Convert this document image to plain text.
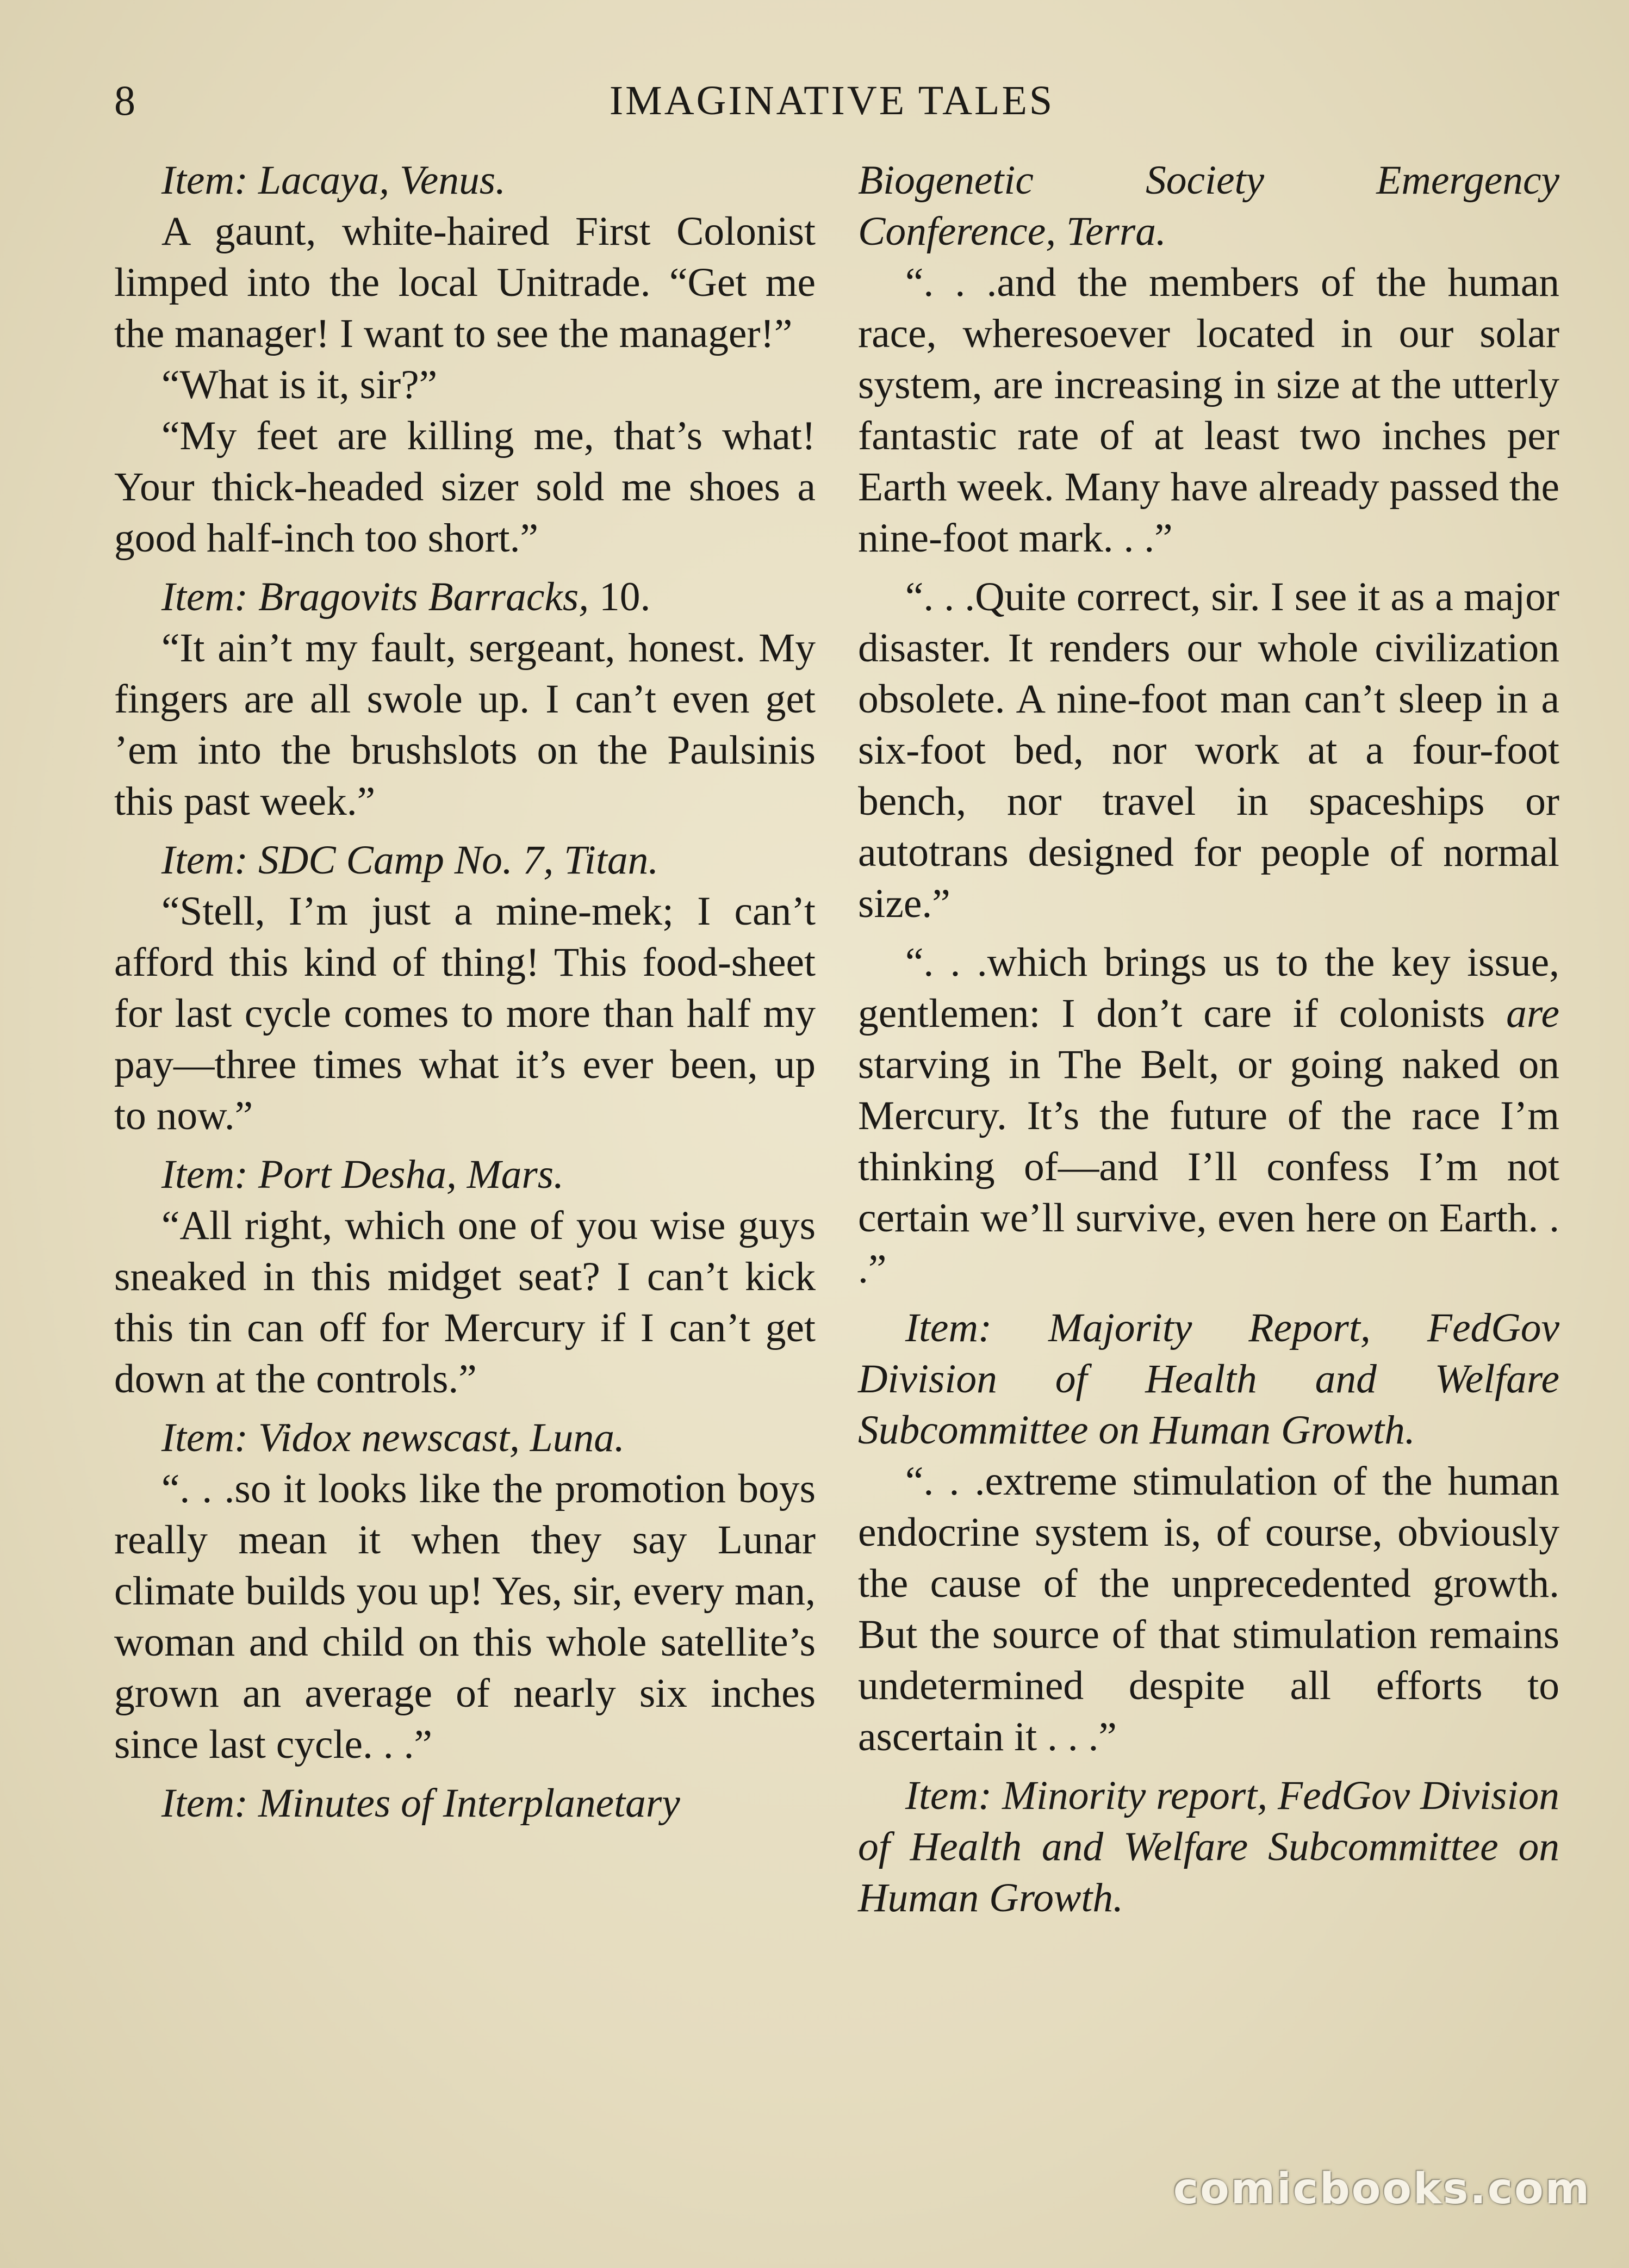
8	IMAGINATIVE TALES

Item: Lacaya, Venus.

A gaunt, white-haired First Colonist limped into the local Unitrade. “Get me the manager! I want to see the manager!”

“What is it, sir?”

“My feet are killing me, that’s what! Your thick-headed sizer sold me shoes a good half-inch too short.”

Item: Bragovits Barracks, 10.

“It ain’t my fault, sergeant, honest. My fingers are all swole up. I can’t even get ’em into the brushslots on the Paulsinis this past week.”

Item: SDC Camp No. 7, Titan.

“Stell, I’m just a mine-mek; I can’t afford this kind of thing! This food-sheet for last cycle comes to more than half my pay—three times what it’s ever been, up to now.”

Item: Port Desha, Mars.

“All right, which one of you wise guys sneaked in this midget seat? I can’t kick this tin can off for Mercury if I can’t get down at the controls.”

Item: Vidox newscast, Luna.

“. . .so it looks like the promotion boys really mean it when they say Lunar climate builds you up! Yes, sir, every man, woman and child on this whole satellite’s grown an average of nearly six inches since last cycle. . .”

Item: Minutes of Interplanetary

Biogenetic Society Emergency Conference, Terra.

“. . .and the members of the human race, wheresoever located in our solar system, are increasing in size at the utterly fantastic rate of at least two inches per Earth week. Many have already passed the nine-foot mark. . .”

“. . .Quite correct, sir. I see it as a major disaster. It renders our whole civilization obsolete. A nine-foot man can’t sleep in a six-foot bed, nor work at a four-foot bench, nor travel in spaceships or autotrans designed for people of normal size.”

“. . .which brings us to the key issue, gentlemen: I don’t care if colonists are starving in The Belt, or going naked on Mercury. It’s the future of the race I’m thinking of—and I’ll confess I’m not certain we’ll survive, even here on Earth. . .”

Item: Majority Report, FedGov Division of Health and Welfare Subcommittee on Human Growth.

“. . .extreme stimulation of the human endocrine system is, of course, obviously the cause of the unprecedented growth. But the source of that stimulation remains undetermined despite all efforts to ascertain it . . .”

Item: Minority report, FedGov Division of Health and Welfare Subcommittee on Human Growth.

comicbooks.com
